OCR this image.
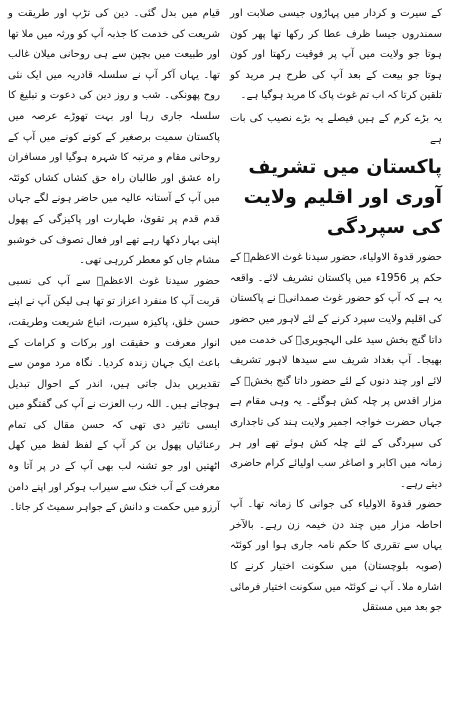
کے سیرت و کردار میں پہاڑوں جیسی صلابت اور سمندروں جیسا ظرف عطا کر رکھا تھا پھر کون ہوتا جو ولایت میں آپ پر فوقیت رکھتا اور کون ہوتا جو بیعت کے بعد آپ کی طرح ہر مرید کو تلقین کرتا کہ اب تم غوث پاک کا مرید ہوگیا ہے۔

یہ بڑے کرم کے ہیں فیصلے یہ بڑے نصیب کی بات ہے

پاکستان میں تشریف آوری اور اقلیم ولایت کی سپردگی

حضور قدوۃ الاولیاء، حضور سیدنا غوث الاعظمؒ کے حکم پر 1956ء میں پاکستان تشریف لائے۔ واقعہ یہ ہے کہ آپ کو حضور غوث صمدانیؒ نے پاکستان کی اقلیم ولایت سپرد کرنے کے لئے لاہور میں حضور داتا گنج بخش سید علی الہجویریؒ کی خدمت میں بھیجا۔ آپ بغداد شریف سے سیدھا لاہور تشریف لائے اور چند دنوں کے لئے حضور داتا گنج بخشؒ کے مزار اقدس پر چلہ کش ہوگئے۔ یہ وہی مقام ہے جہاں حضرت خواجہ اجمیر ولایت ہند کی تاجداری کی سپردگی کے لئے چلہ کش ہوئے تھے اور ہر زمانہ میں اکابر و اصاغر سب اولیائے کرام حاضری دیتے رہے۔

حضور قدوۃ الاولیاء کی جوانی کا زمانہ تھا۔ آپ احاطہ مزار میں چند دن خیمہ زن رہے۔ بالآخر یہاں سے تقرری کا حکم نامہ جاری ہوا اور کوئٹہ (صوبہ بلوچستان) میں سکونت اختیار کرنے کا اشارہ ملا۔ آپ نے کوئٹہ میں سکونت اختیار فرمائی جو بعد میں مستقل

قیام میں بدل گئی۔ دین کی تڑپ اور طریقت و شریعت کی خدمت کا جذبہ آپ کو ورثہ میں ملا تھا اور طبیعت میں بچپن سے ہی روحانی میلان غالب تھا۔ یہاں آکر آپ نے سلسلہ قادریہ میں ایک نئی روح پھونکی۔ شب و روز دین کی دعوت و تبلیغ کا سلسلہ جاری رہا اور بہت تھوڑے عرصہ میں پاکستان سمیت برصغیر کے کونے کونے میں آپ کے روحانی مقام و مرتبہ کا شہرہ ہوگیا اور مسافران راہ عشق اور طالبان راہ حق کشاں کشاں کوئٹہ میں آپ کے آستانہ عالیہ میں حاضر ہونے لگے جہاں قدم قدم پر تقویٰ، طہارت اور پاکیزگی کے پھول اپنی بہار دکھا رہے تھے اور فعال تصوف کی خوشبو مشام جاں کو معطر کررہی تھی۔

حضور سیدنا غوث الاعظمؒ سے آپ کی نسبی قربت آپ کا منفرد اعزاز تو تھا ہی لیکن آپ نے اپنے حسن خلق، پاکیزہ سیرت، اتباع شریعت وطریقت، انوار معرفت و حقیقت اور برکات و کرامات کے باعث ایک جہان زندہ کردیا۔ نگاہ مرد مومن سے تقدیریں بدل جاتی ہیں، اندر کے احوال تبدیل ہوجاتے ہیں۔ اللہ رب العزت نے آپ کی گفتگو میں ایسی تاثیر دی تھی کہ حسن مقال کی تمام رعنائیاں پھول بن کر آپ کے لفظ لفظ میں کھل اٹھتیں اور جو تشنہ لب بھی آپ کے در پر آتا وہ معرفت کے آب خنک سے سیراب ہوکر اور اپنے دامن آرزو میں حکمت و دانش کے جواہر سمیٹ کر جاتا۔
